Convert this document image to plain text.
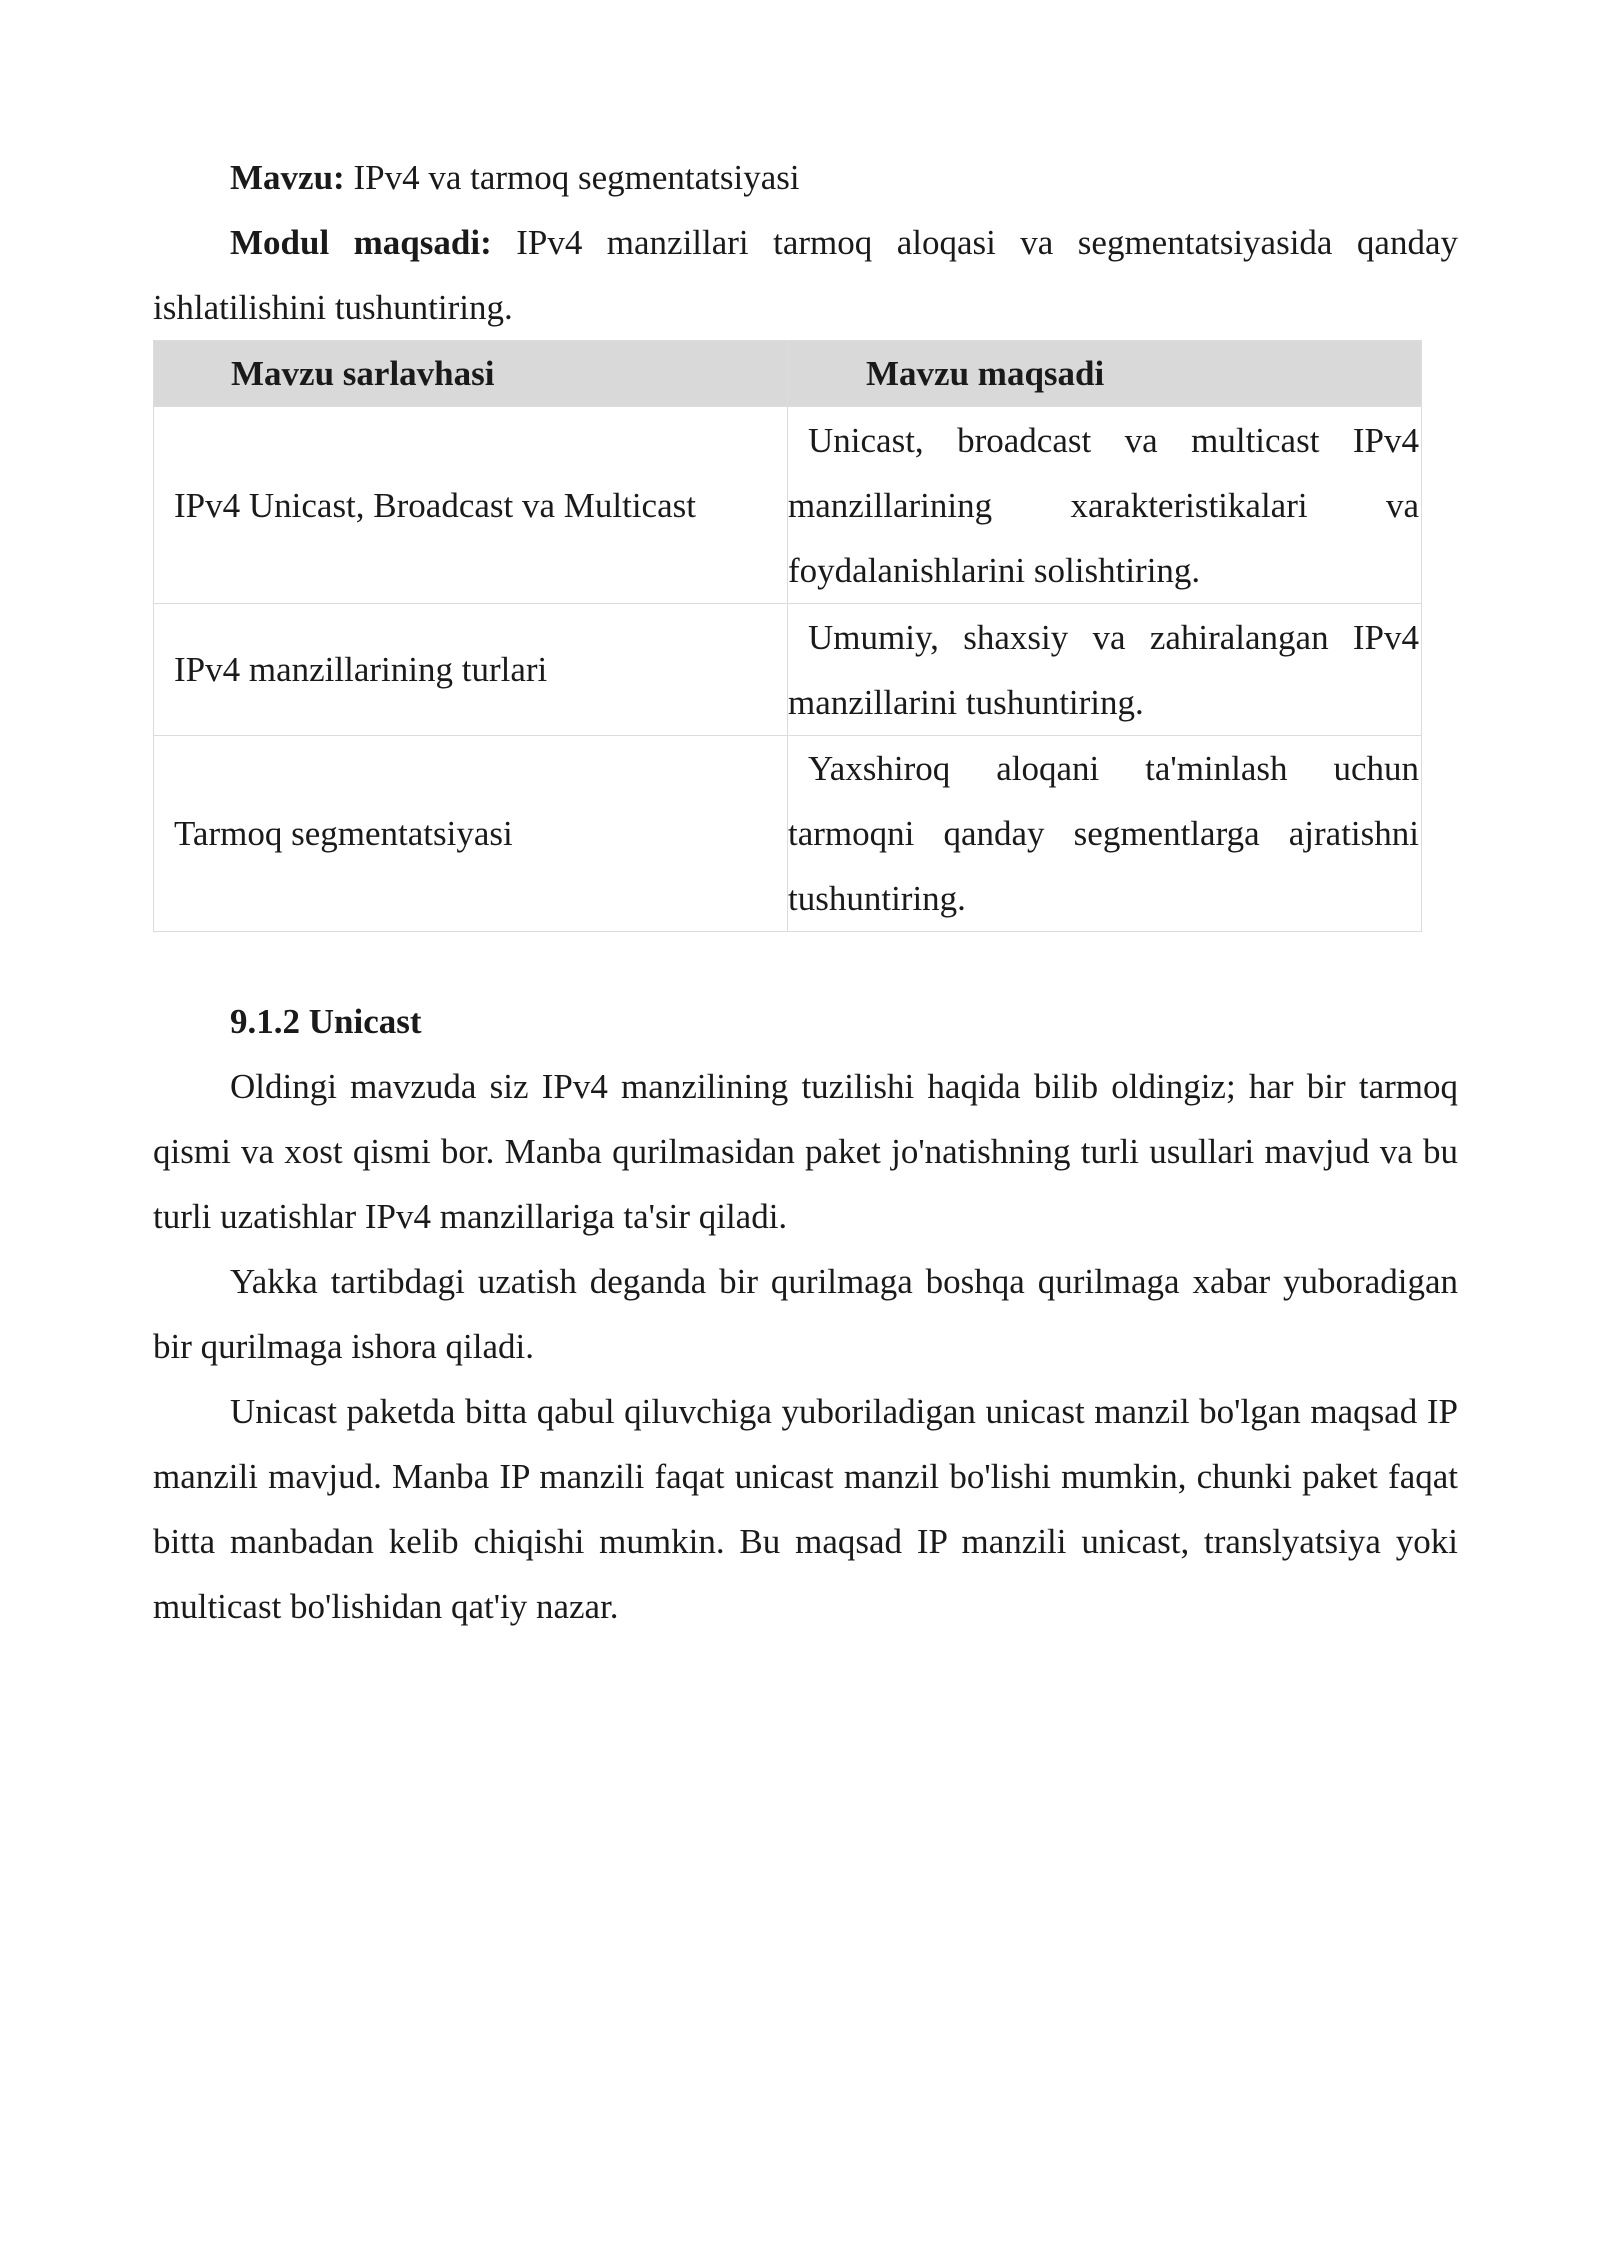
Mavzu: IPv4 va tarmoq segmentatsiyasi

Modul maqsadi: IPv4 manzillari tarmoq aloqasi va segmentatsiyasida qanday ishlatilishini tushuntiring.

Mavzu sarlavhasi	Mavzu maqsadi

IPv4 Unicast, Broadcast va Multicast	Unicast, broadcast va multicast IPv4 manzillarining xarakteristikalari va foydalanishlarini solishtiring.

IPv4 manzillarining turlari	Umumiy, shaxsiy va zahiralangan IPv4 manzillarini tushuntiring.

Tarmoq segmentatsiyasi	Yaxshiroq aloqani ta'minlash uchun tarmoqni qanday segmentlarga ajratishni tushuntiring.

9.1.2 Unicast

Oldingi mavzuda siz IPv4 manzilining tuzilishi haqida bilib oldingiz; har bir tarmoq qismi va xost qismi bor. Manba qurilmasidan paket jo'natishning turli usullari mavjud va bu turli uzatishlar IPv4 manzillariga ta'sir qiladi.

Yakka tartibdagi uzatish deganda bir qurilmaga boshqa qurilmaga xabar yuboradigan bir qurilmaga ishora qiladi.

Unicast paketda bitta qabul qiluvchiga yuboriladigan unicast manzil bo'lgan maqsad IP manzili mavjud. Manba IP manzili faqat unicast manzil bo'lishi mumkin, chunki paket faqat bitta manbadan kelib chiqishi mumkin. Bu maqsad IP manzili unicast, translyatsiya yoki multicast bo'lishidan qat'iy nazar.
